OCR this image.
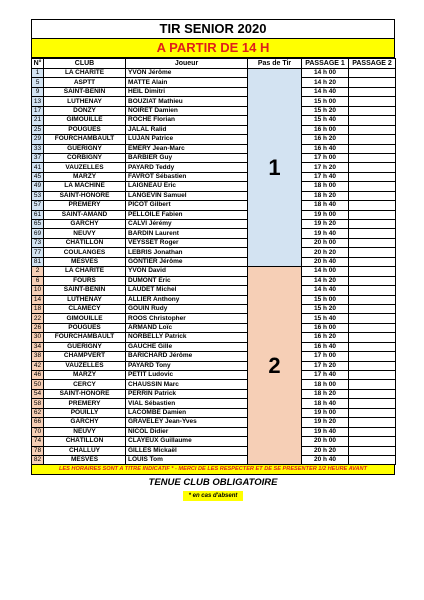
TIR SENIOR 2020
A PARTIR DE 14 H
N°	CLUB	Joueur	Pas de Tir	PASSAGE 1	PASSAGE 2
1	LA CHARITE	YVON Jérôme	1	14 h 00	
5	ASPTT	MATTE Alain		14 h 20	
9	SAINT-BENIN	HEIL Dimitri		14 h 40	
13	LUTHENAY	BOUZIAT Mathieu		15 h 00	
17	DONZY	NOIRET Damien		15 h 20	
21	GIMOUILLE	ROCHE Florian		15 h 40	
25	POUGUES	JALAL Ralid		16 h 00	
29	FOURCHAMBAULT	LUJAN Patrice		16 h 20	
33	GUERIGNY	EMERY Jean-Marc		16 h 40	
37	CORBIGNY	BARBIER Guy		17 h 00	
41	VAUZELLES	PAYARD Teddy		17 h 20	
45	MARZY	FAVROT Sébastien		17 h 40	
49	LA MACHINE	LAIGNEAU Eric		18 h 00	
53	SAINT-HONORE	LANGEVIN Samuel		18 h 20	
57	PREMERY	PICOT Gilbert		18 h 40	
61	SAINT-AMAND	PELLOILE Fabien		19 h 00	
65	GARCHY	CALVI Jérémy		19 h 20	
69	NEUVY	BARDIN Laurent		19 h 40	
73	CHÂTILLON	VEYSSET Roger		20 h 00	
77	COULANGES	LEBRIS Jonathan		20 h 20	
81	MESVES	GONTIER Jérôme		20 h 40	
2	LA CHARITE	YVON David	2	14 h 00	
6	FOURS	DUMONT Eric		14 h 20	
10	SAINT-BENIN	LAUDET Michel		14 h 40	
14	LUTHENAY	ALLIER Anthony		15 h 00	
18	CLAMECY	GOUIN Rudy		15 h 20	
22	GIMOUILLE	ROOS Christopher		15 h 40	
26	POUGUES	ARMAND Loïc		16 h 00	
30	FOURCHAMBAULT	NORBELLY Patrick		16 h 20	
34	GUERIGNY	GAUCHE Gille		16 h 40	
38	CHAMPVERT	BARICHARD Jérôme		17 h 00	
42	VAUZELLES	PAYARD Tony		17 h 20	
46	MARZY	PETIT Ludovic		17 h 40	
50	CERCY	CHAUSSIN Marc		18 h 00	
54	SAINT-HONORE	PERRIN Patrick		18 h 20	
58	PREMERY	VIAL Sébastien		18 h 40	
62	POUILLY	LACOMBE Damien		19 h 00	
66	GARCHY	GRAVELEY Jean-Yves		19 h 20	
70	NEUVY	NICOL Didier		19 h 40	
74	CHÂTILLON	CLAYEUX Guillaume		20 h 00	
78	CHALLUY	GILLES Mickaël		20 h 20	
82	MESVES	LOUIS Tom		20 h 40	
LES HORAIRES SONT A TITRE INDICATIF * - MERCI DE LES RESPECTER ET DE SE PRESENTER 1/2 HEURE AVANT
TENUE CLUB OBLIGATOIRE
* en cas d'absent
